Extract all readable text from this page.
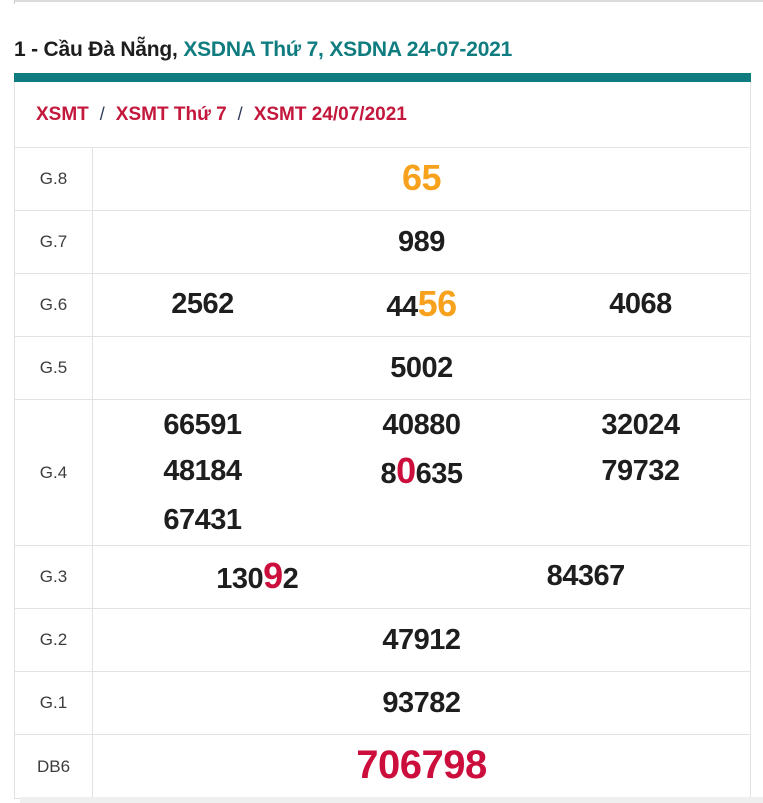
1 - Cầu Đà Nẵng, XSDNA Thứ 7, XSDNA 24-07-2021
XSMT / XSMT Thứ 7 / XSMT 24/07/2021
G.8	65
G.7	989
G.6	2562	4456	4068
G.5	5002
G.4
66591	40880	32024
48184	80635	79732
67431
G.3	13092	84367
G.2	47912
G.1	93782
DB6	706798
